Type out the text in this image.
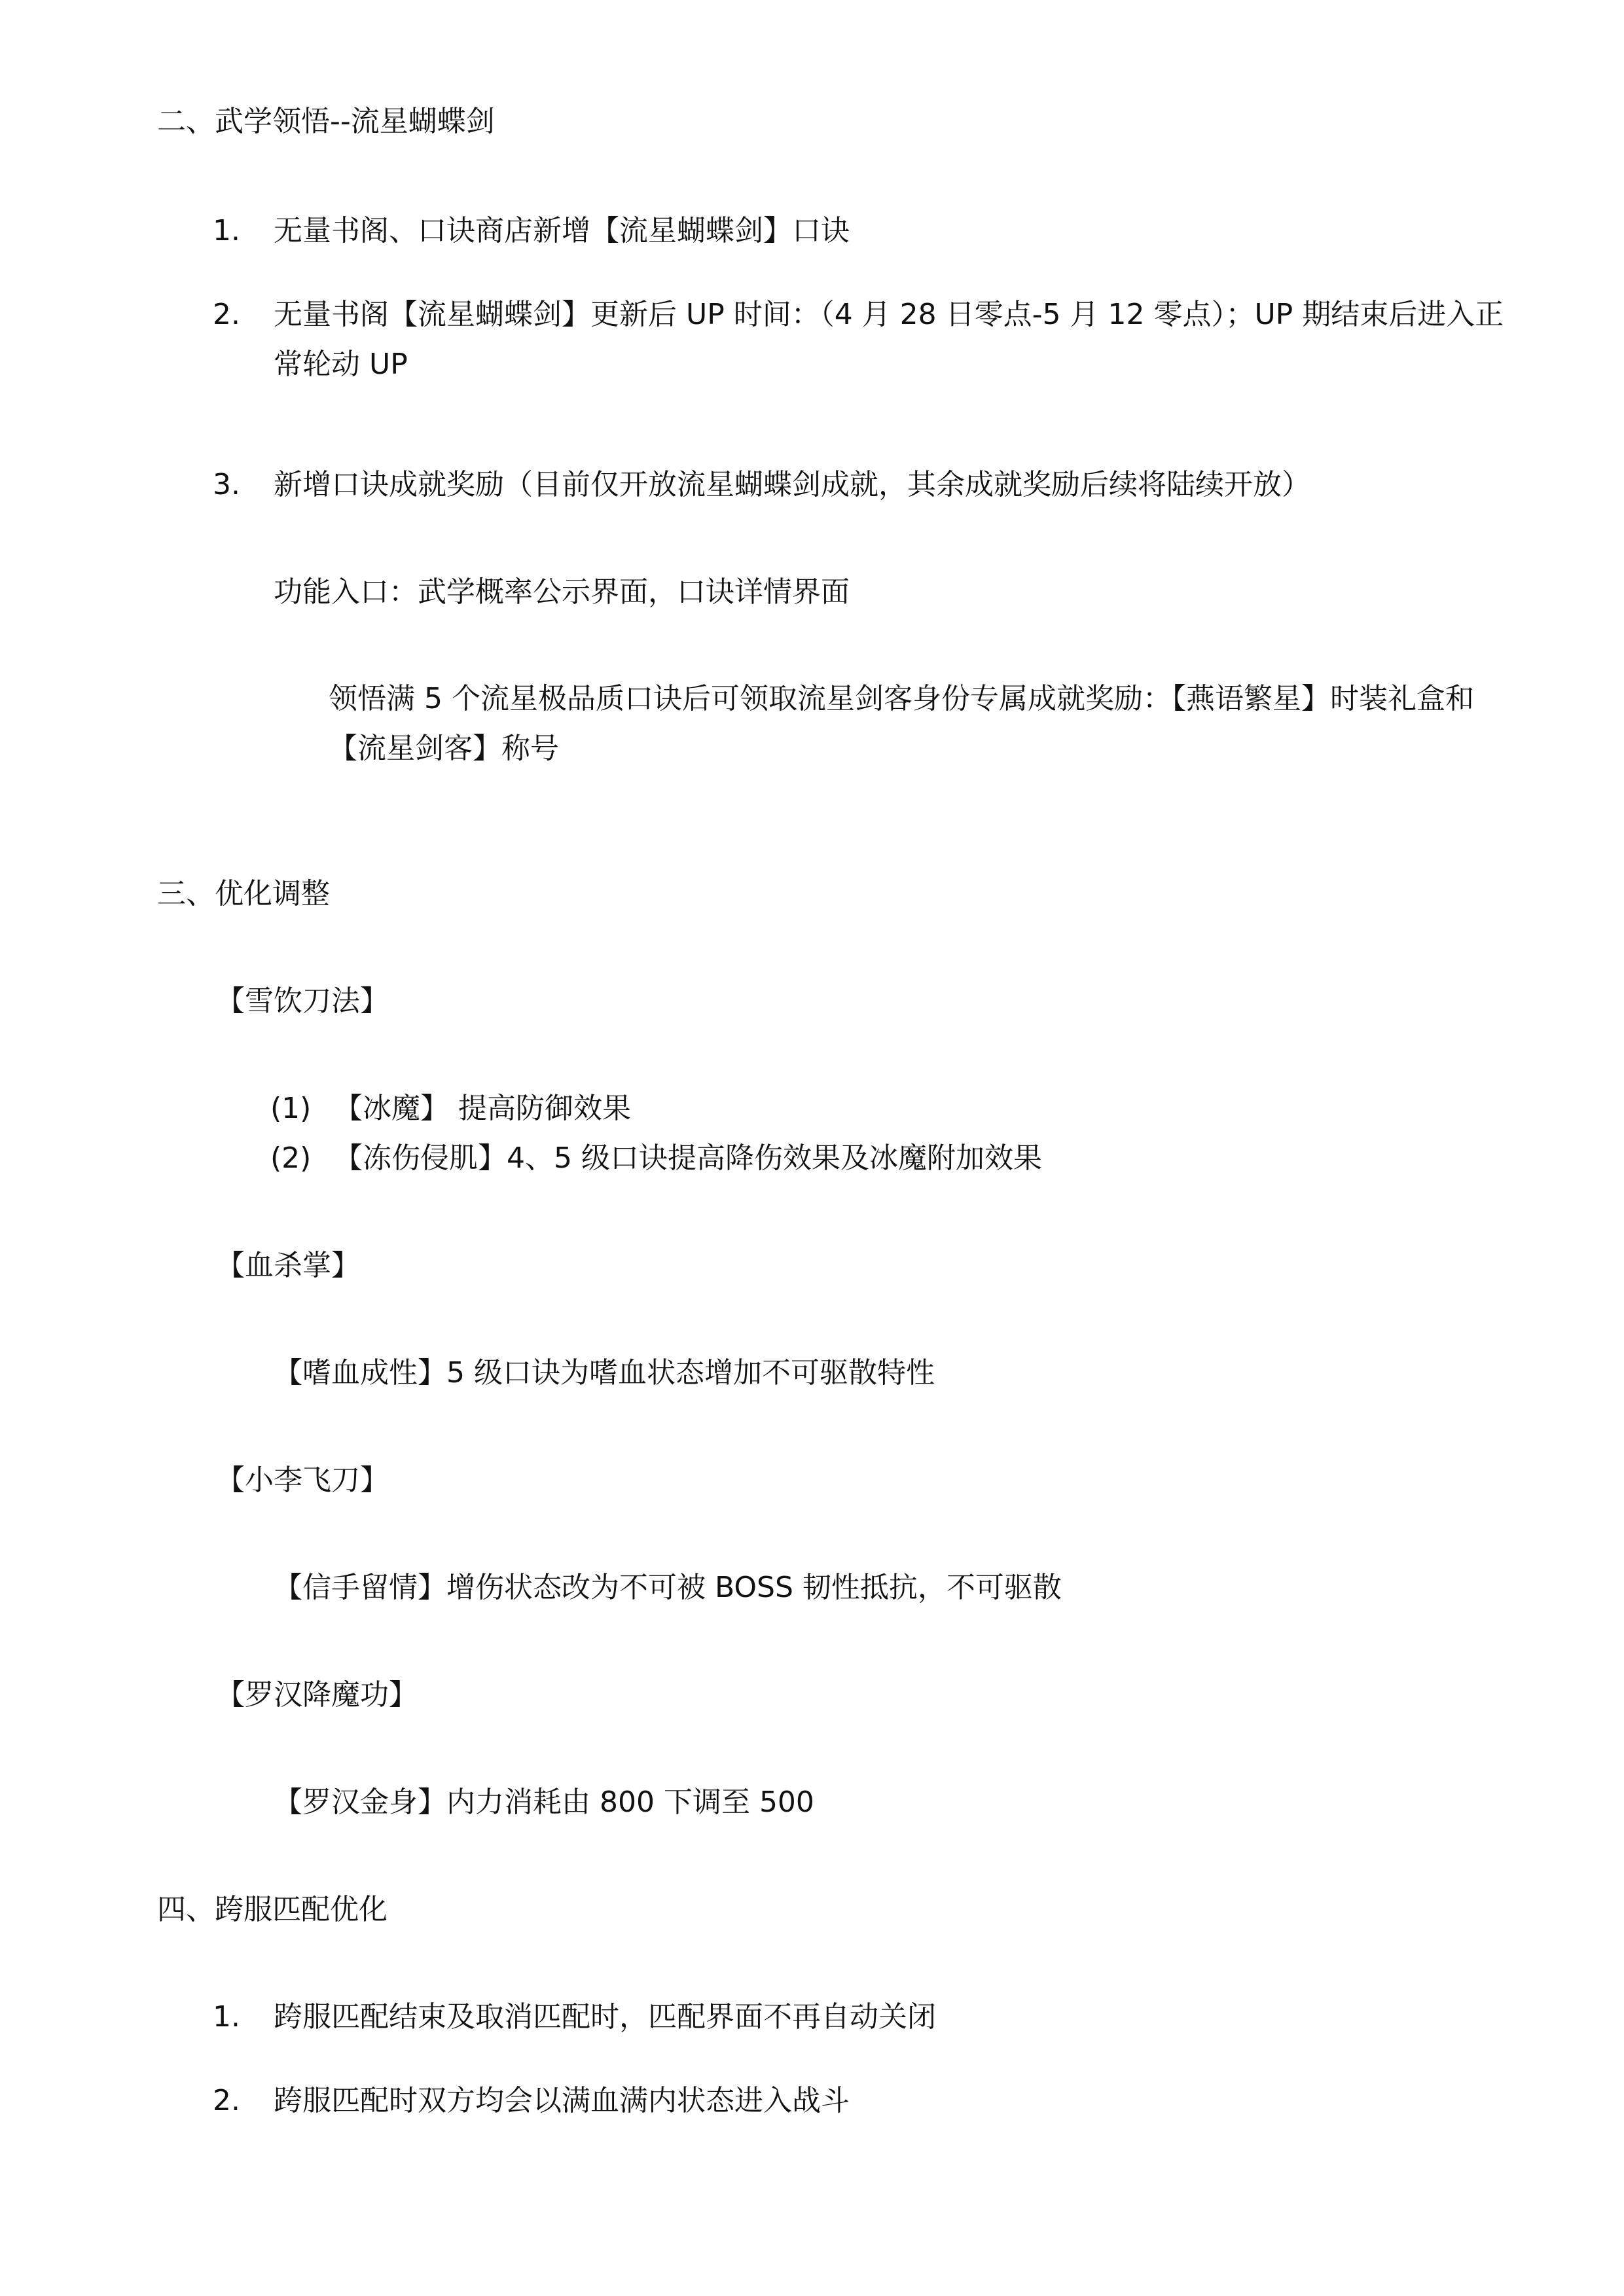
二、武学领悟--流星蝴蝶剑
1. 无量书阁、口诀商店新增【流星蝴蝶剑】口诀
2. 无量书阁【流星蝴蝶剑】更新后 UP 时间：（4 月 28 日零点-5 月 12 零点）；UP 期结束后进入正
常轮动 UP
3. 新增口诀成就奖励（目前仅开放流星蝴蝶剑成就，其余成就奖励后续将陆续开放）
功能入口：武学概率公示界面，口诀详情界面
领悟满 5 个流星极品质口诀后可领取流星剑客身份专属成就奖励：【燕语繁星】时装礼盒和
【流星剑客】称号
三、优化调整
【雪饮刀法】
(1) 【冰魔】 提高防御效果
(2) 【冻伤侵肌】4、5 级口诀提高降伤效果及冰魔附加效果
【血杀掌】
【嗜血成性】5 级口诀为嗜血状态增加不可驱散特性
【小李飞刀】
【信手留情】增伤状态改为不可被 BOSS 韧性抵抗，不可驱散
【罗汉降魔功】
【罗汉金身】内力消耗由 800 下调至 500
四、跨服匹配优化
1. 跨服匹配结束及取消匹配时，匹配界面不再自动关闭
2. 跨服匹配时双方均会以满血满内状态进入战斗
